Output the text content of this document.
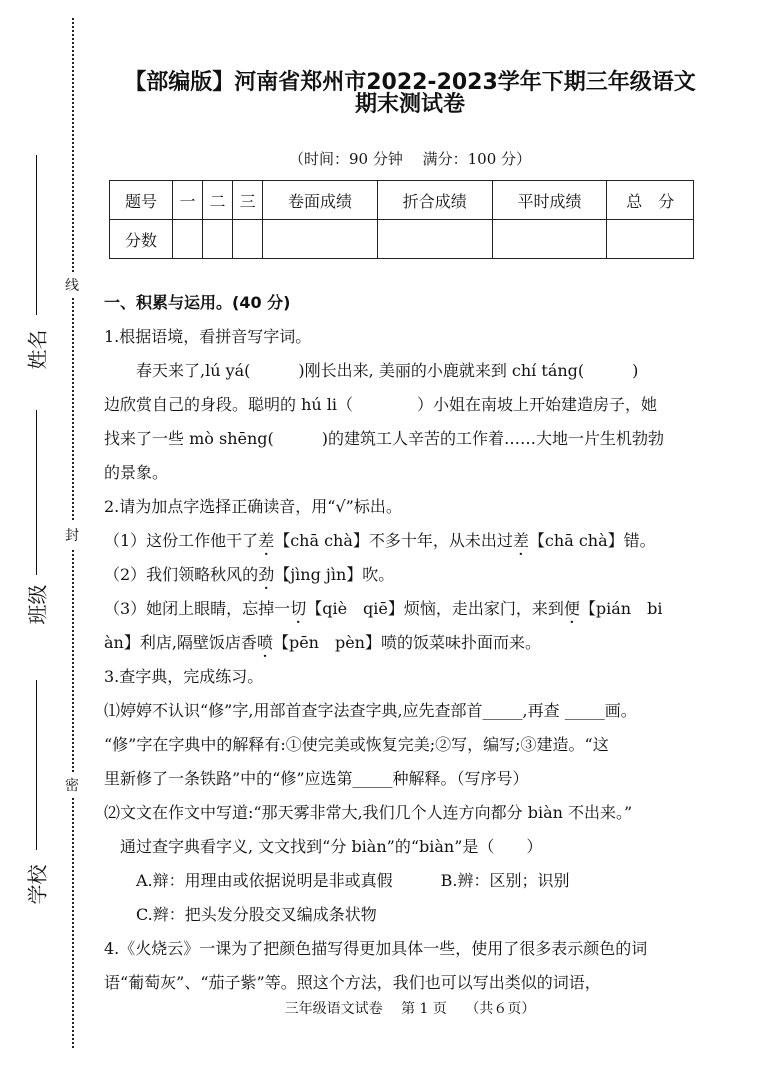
线
封
密
姓名
班级
学校
【部编版】河南省郑州市2022-2023学年下期三年级语文
期末测试卷
（时间：90 分钟　 满分：100 分）
题号	一	二	三	卷面成绩	折合成绩	平时成绩	总　分
分数							

一、积累与运用。(40 分)

1.根据语境，看拼音写字词。

春天来了,lú yá(　　　)刚长出来, 美丽的小鹿就来到 chí táng(　　　)

边欣赏自己的身段。聪明的 hú li（　　　　）小姐在南坡上开始建造房子，她

找来了一些 mò shēng(　　　)的建筑工人辛苦的工作着……大地一片生机勃勃

的景象。

2.请为加点字选择正确读音，用“√”标出。

（1）这份工作他干了差【chā chà】不多十年，从未出过差【chā chà】错。

（2）我们领略秋风的劲【jìng jìn】吹。

（3）她闭上眼睛，忘掉一切【qiè　qiē】烦恼，走出家门，来到便【pián　bi

àn】利店,隔壁饭店香喷【pēn　pèn】喷的饭菜味扑面而来。

3.查字典，完成练习。

⑴婷婷不认识“修”字,用部首查字法查字典,应先查部首_____,再查 _____画。

“修”字在字典中的解释有:①使完美或恢复完美;②写，编写;③建造。“这

里新修了一条铁路”中的“修”应选第_____种解释。（写序号）

⑵文文在作文中写道:“那天雾非常大,我们几个人连方向都分 biàn 不出来。”

通过查字典看字义, 文文找到“分 biàn”的“biàn”是（　　）

A.辩：用理由或依据说明是非或真假	B.辨：区别；识别

C.辫：把头发分股交叉编成条状物

4.《火烧云》一课为了把颜色描写得更加具体一些，使用了很多表示颜色的词

语“葡萄灰”、“茄子紫”等。照这个方法，我们也可以写出类似的词语，

三年级语文试卷　 第 1 页　 （共６页）
